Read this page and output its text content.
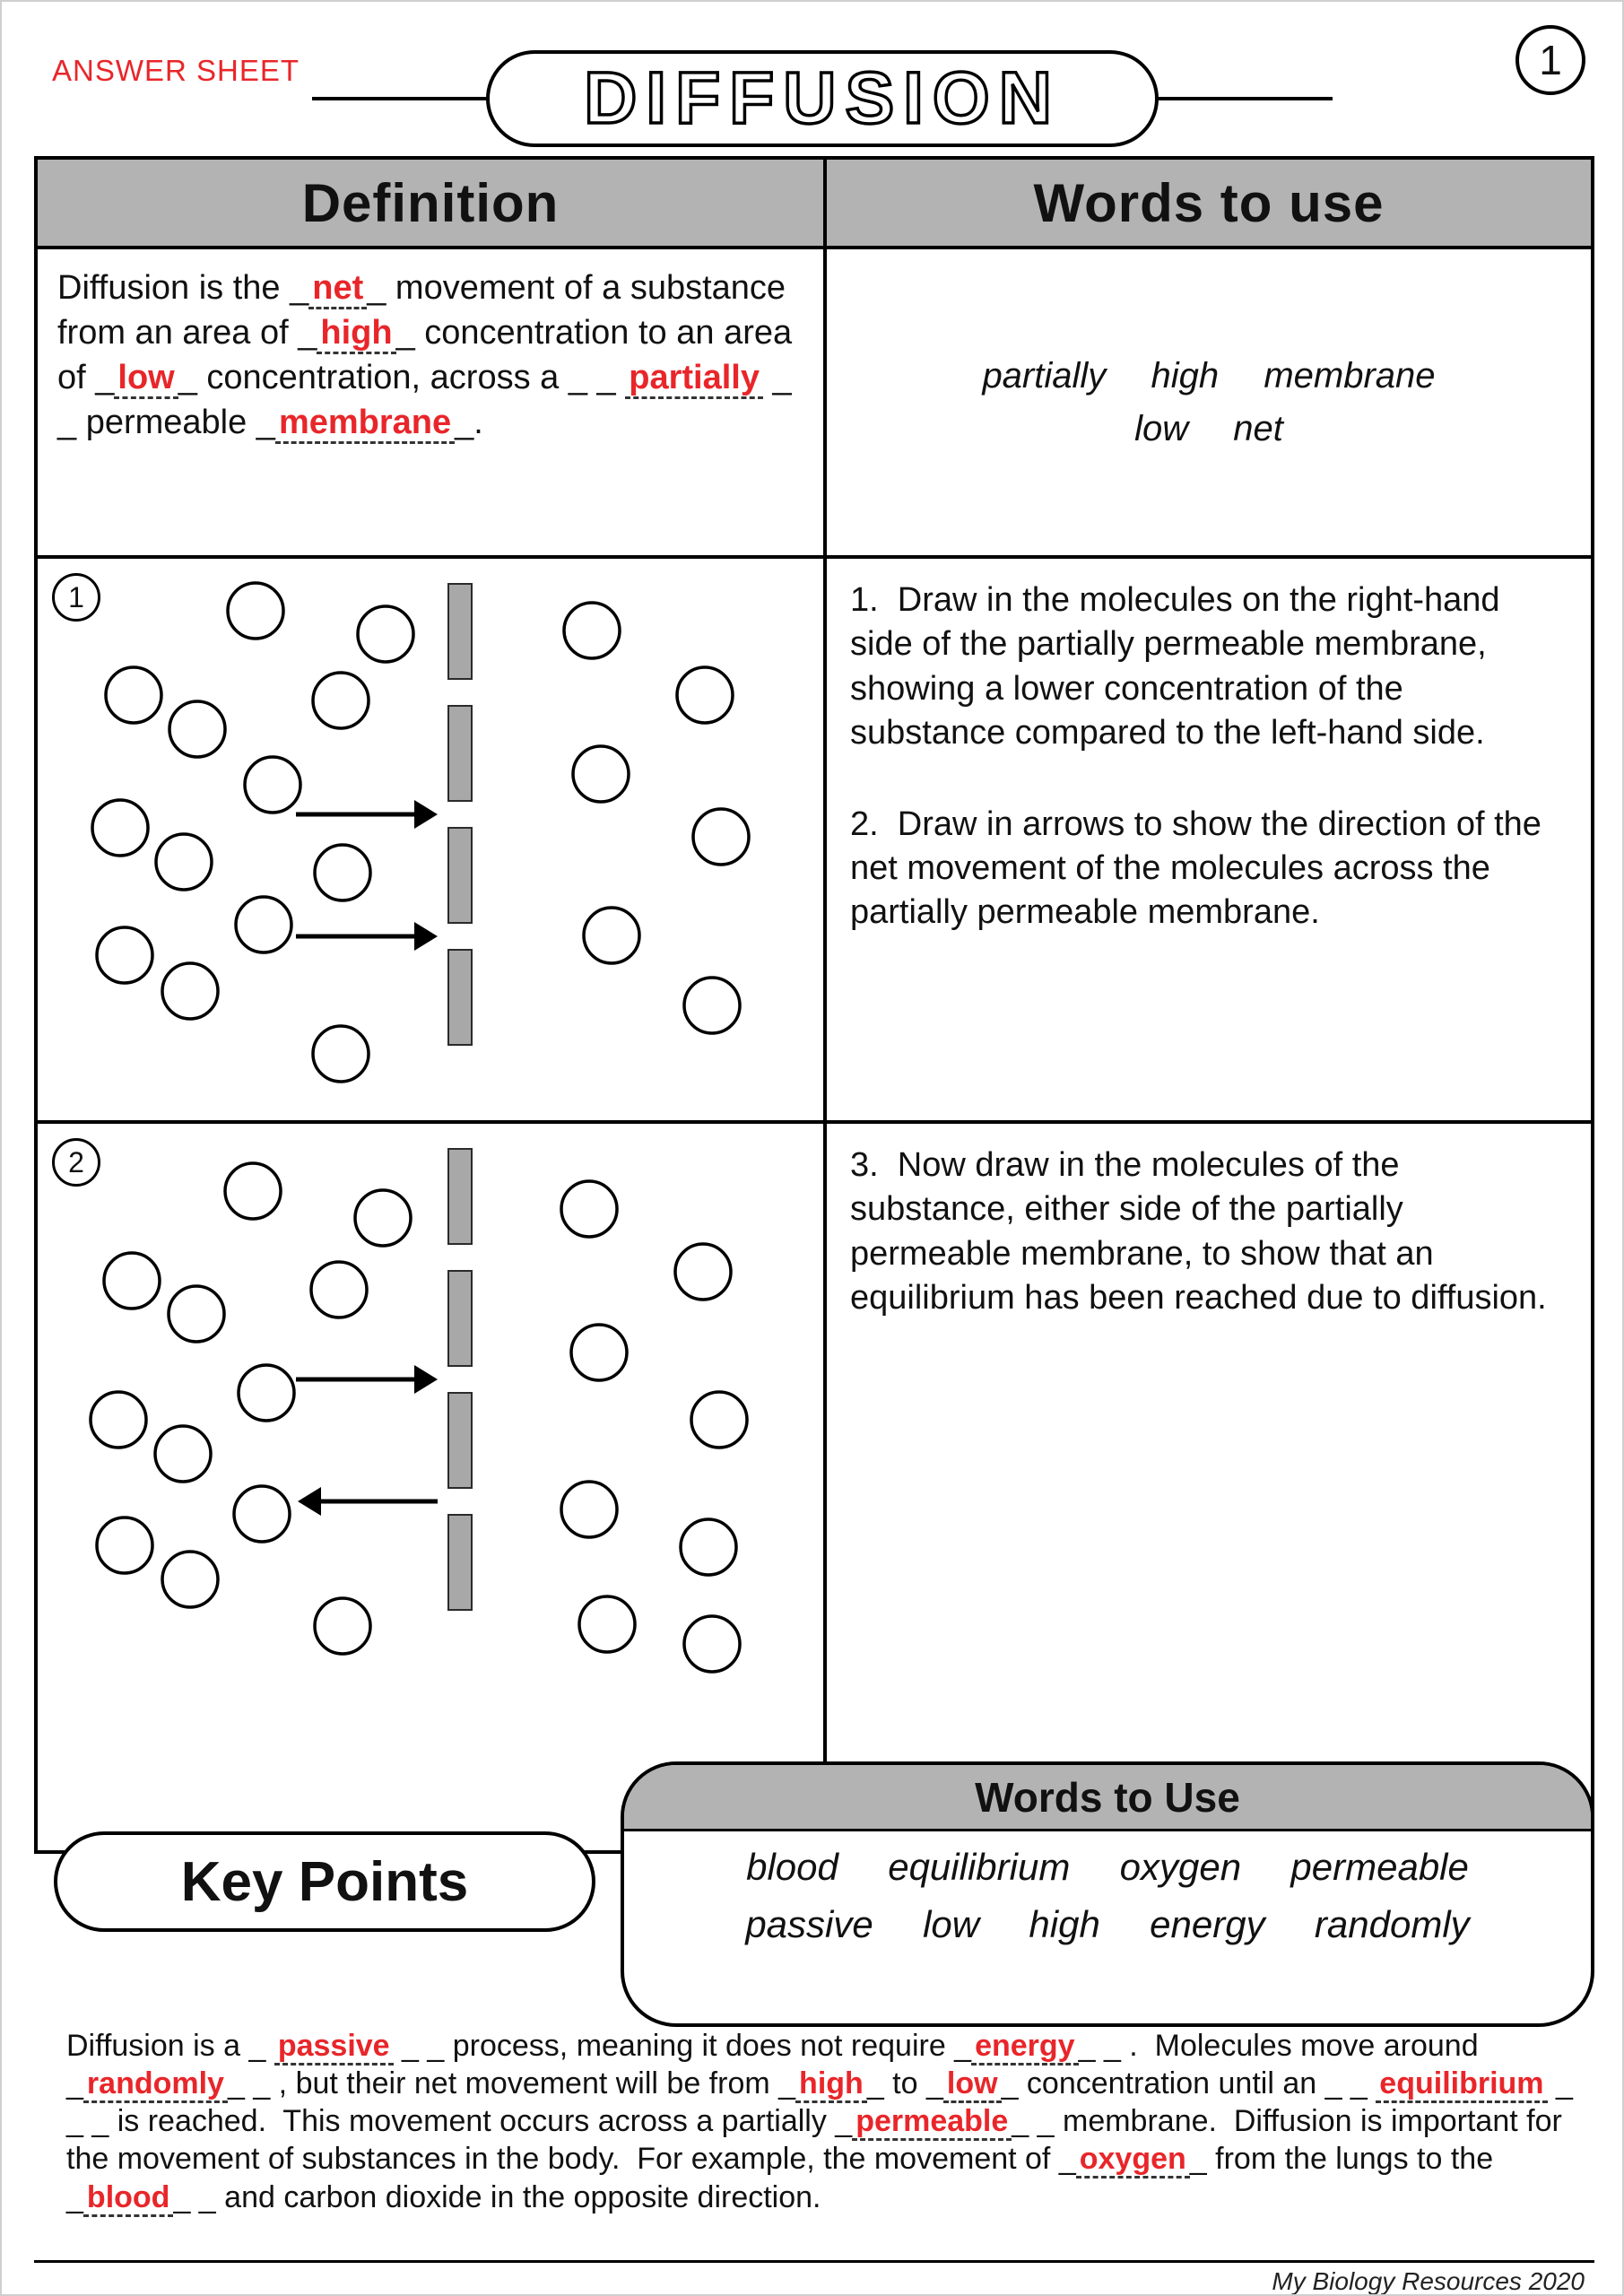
ANSWER SHEET	DIFFUSION	1
Definition	Words to use

Diffusion is the _ net _ movement of a substance from an area of _ high _ concentration to an area of _ low _ concentration, across a _ _ partially _ _ permeable _ membrane _.

partially  high  membrane
low  net
1	1.  Draw in the molecules on the right-hand side of the partially permeable membrane, showing a lower concentration of the substance compared to the left-hand side.
2.  Draw in arrows to show the direction of the net movement of the molecules across the partially permeable membrane.
2	3.  Now draw in the molecules of the substance, either side of the partially permeable membrane, to show that an equilibrium has been reached due to diffusion.
Words to Use
blood  equilibrium  oxygen  permeable
passive  low  high  energy  randomly
Key Points

Diffusion is a _ passive _ _ process, meaning it does not require _ energy _ _ .  Molecules move around _ randomly _ _ , but their net movement will be from _ high _ to _ low _ concentration until an _ _ equilibrium _ _ _ is reached.  This movement occurs across a partially _ permeable _ _ membrane.  Diffusion is important for the movement of substances in the body.  For example, the movement of _ oxygen _ from the lungs to the _ blood _ _ and carbon dioxide in the opposite direction.

My Biology Resources 2020
